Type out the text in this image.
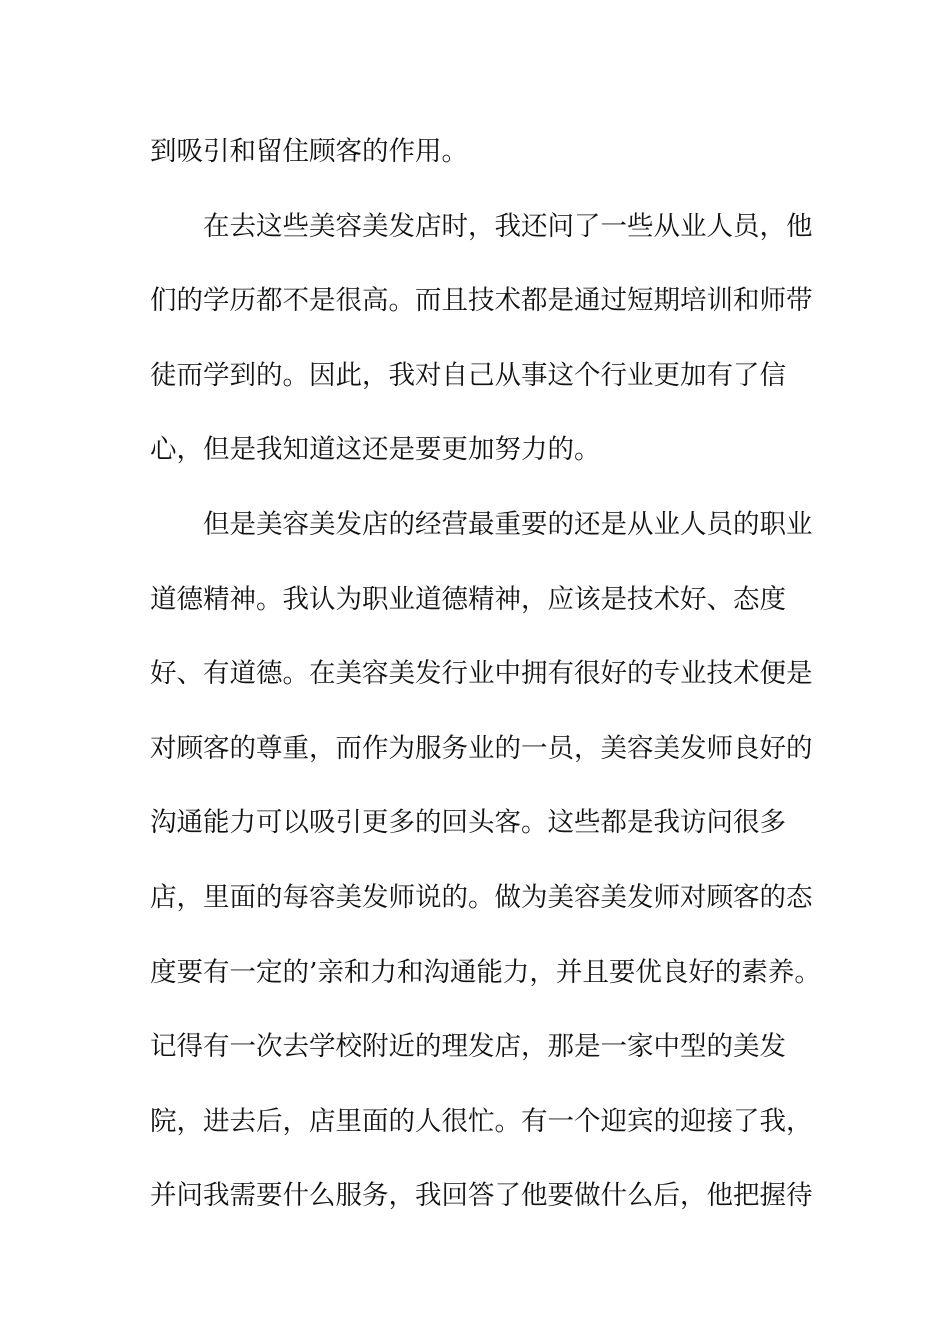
到吸引和留住顾客的作用。
　　在去这些美容美发店时，我还问了一些从业人员，他
们的学历都不是很高。而且技术都是通过短期培训和师带
徒而学到的。因此，我对自己从事这个行业更加有了信
心，但是我知道这还是要更加努力的。
　　但是美容美发店的经营最重要的还是从业人员的职业
道德精神。我认为职业道德精神，应该是技术好、态度
好、有道德。在美容美发行业中拥有很好的专业技术便是
对顾客的尊重，而作为服务业的一员，美容美发师良好的
沟通能力可以吸引更多的回头客。这些都是我访问很多
店，里面的每容美发师说的。做为美容美发师对顾客的态
度要有一定的’亲和力和沟通能力，并且要优良好的素养。
记得有一次去学校附近的理发店，那是一家中型的美发
院，进去后，店里面的人很忙。有一个迎宾的迎接了我，
并问我需要什么服务，我回答了他要做什么后，他把握待
